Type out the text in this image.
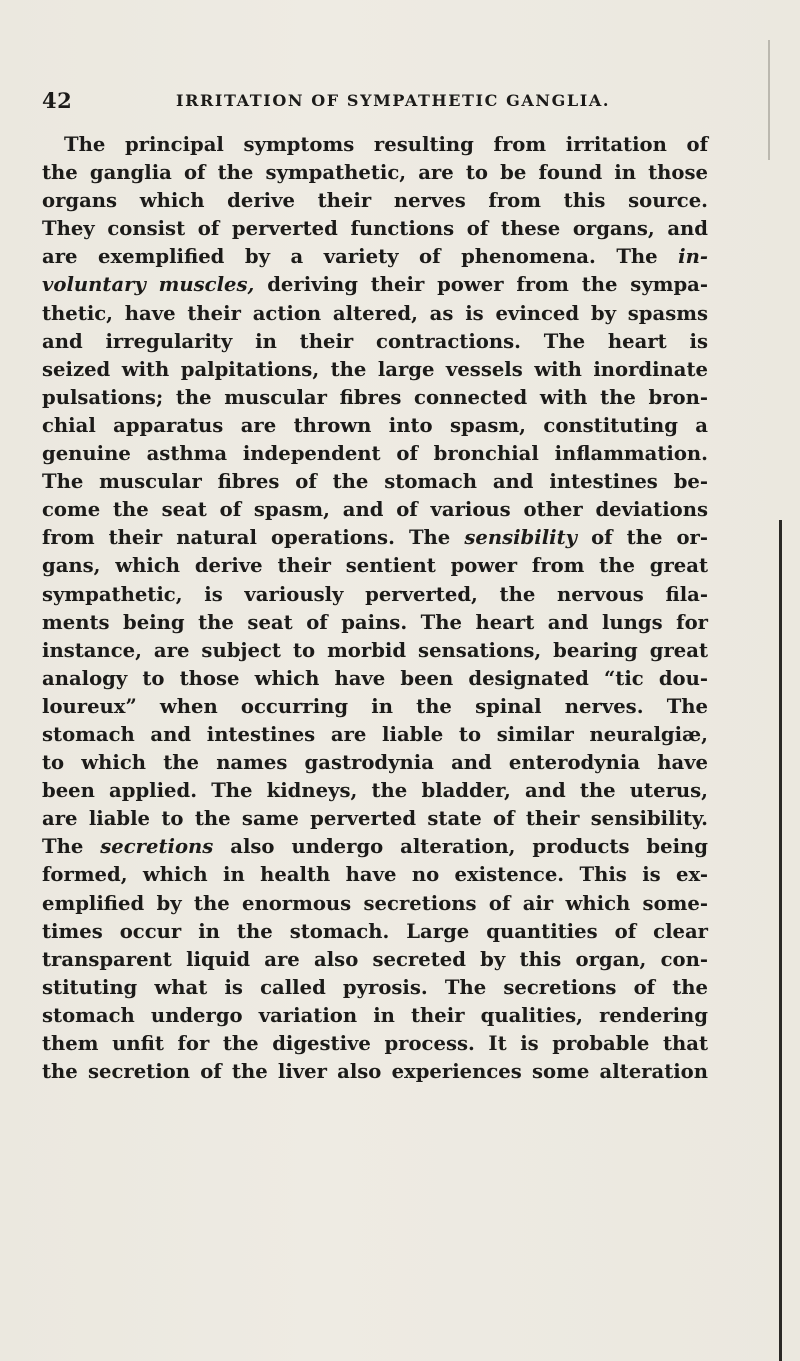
42	IRRITATION OF SYMPATHETIC GANGLIA.
The principal symptoms resulting from irritation of
the ganglia of the sympathetic, are to be found in those
organs which derive their nerves from this source.
They consist of perverted functions of these organs, and
are exemplified by a variety of phenomena. The in-
voluntary muscles, deriving their power from the sympa-
thetic, have their action altered, as is evinced by spasms
and irregularity in their contractions. The heart is
seized with palpitations, the large vessels with inordinate
pulsations; the muscular fibres connected with the bron-
chial apparatus are thrown into spasm, constituting a
genuine asthma independent of bronchial inflammation.
The muscular fibres of the stomach and intestines be-
come the seat of spasm, and of various other deviations
from their natural operations. The sensibility of the or-
gans, which derive their sentient power from the great
sympathetic, is variously perverted, the nervous fila-
ments being the seat of pains. The heart and lungs for
instance, are subject to morbid sensations, bearing great
analogy to those which have been designated “tic dou-
loureux” when occurring in the spinal nerves. The
stomach and intestines are liable to similar neuralgiæ,
to which the names gastrodynia and enterodynia have
been applied. The kidneys, the bladder, and the uterus,
are liable to the same perverted state of their sensibility.
The secretions also undergo alteration, products being
formed, which in health have no existence. This is ex-
emplified by the enormous secretions of air which some-
times occur in the stomach. Large quantities of clear
transparent liquid are also secreted by this organ, con-
stituting what is called pyrosis. The secretions of the
stomach undergo variation in their qualities, rendering
them unfit for the digestive process. It is probable that
the secretion of the liver also experiences some alteration
